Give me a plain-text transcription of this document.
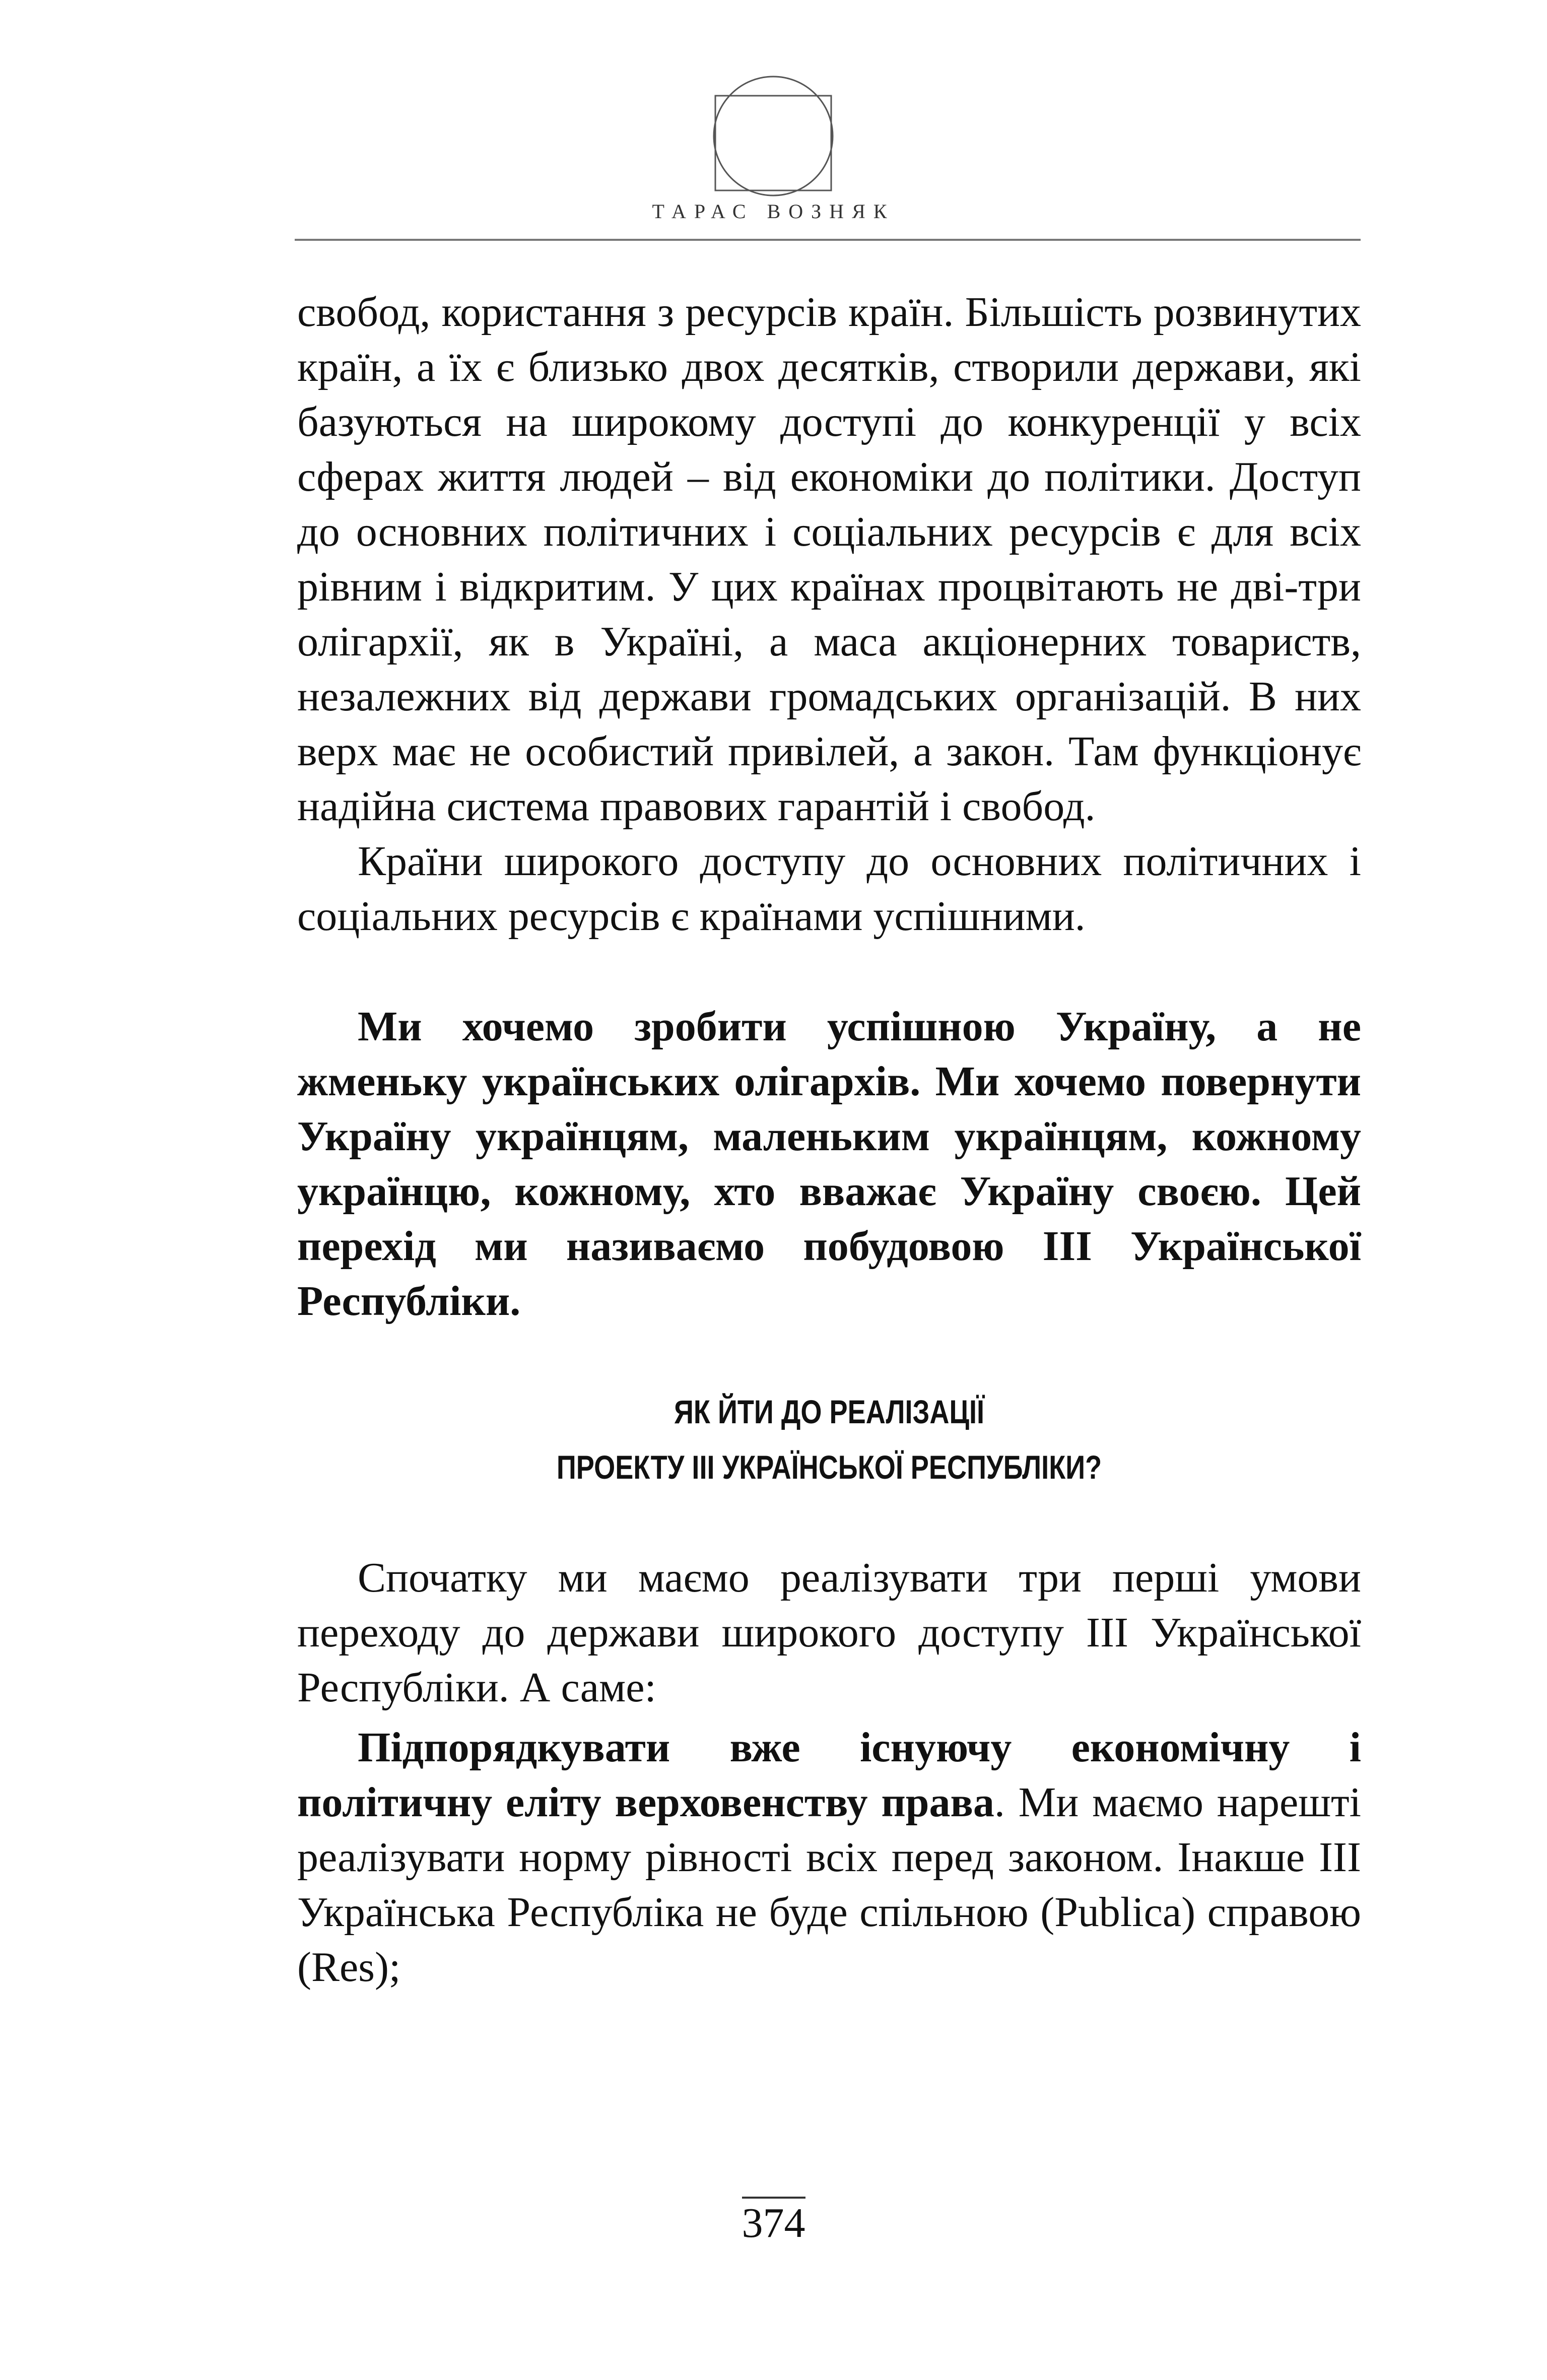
ТАРАС ВОЗНЯК

свобод, користання з ресурсів країн. Більшість розвинутих країн, а їх є близько двох десятків, створили держави, які базуються на широкому доступі до конкуренції у всіх сферах життя людей – від економіки до політики. Доступ до основних політичних і соціальних ресурсів є для всіх рівним і відкритим. У цих країнах процвітають не дві-три олігархії, як в Україні, а маса акціонерних товариств, незалежних від держави громадських організацій. В них верх має не особистий привілей, а закон. Там функціонує надійна система правових гарантій і свобод.

Країни широкого доступу до основних політичних і соціальних ресурсів є країнами успішними.

Ми хочемо зробити успішною Україну, а не жменьку українських олігархів. Ми хочемо повернути Україну українцям, маленьким українцям, кожному українцю, кожному, хто вважає Україну своєю. Цей перехід ми називаємо побудовою ІІІ Української Республіки.

ЯК ЙТИ ДО РЕАЛІЗАЦІЇ

ПРОЕКТУ ІІІ УКРАЇНСЬКОЇ РЕСПУБЛІКИ?

Спочатку ми маємо реалізувати три перші умови переходу до держави широкого доступу ІІІ Української Республіки. А саме:

Підпорядкувати вже існуючу економічну і політичну еліту верховенству права. Ми маємо нарешті реалізувати норму рівності всіх перед законом. Інакше ІІІ Українська Республіка не буде спільною (Publica) справою (Res);

374
